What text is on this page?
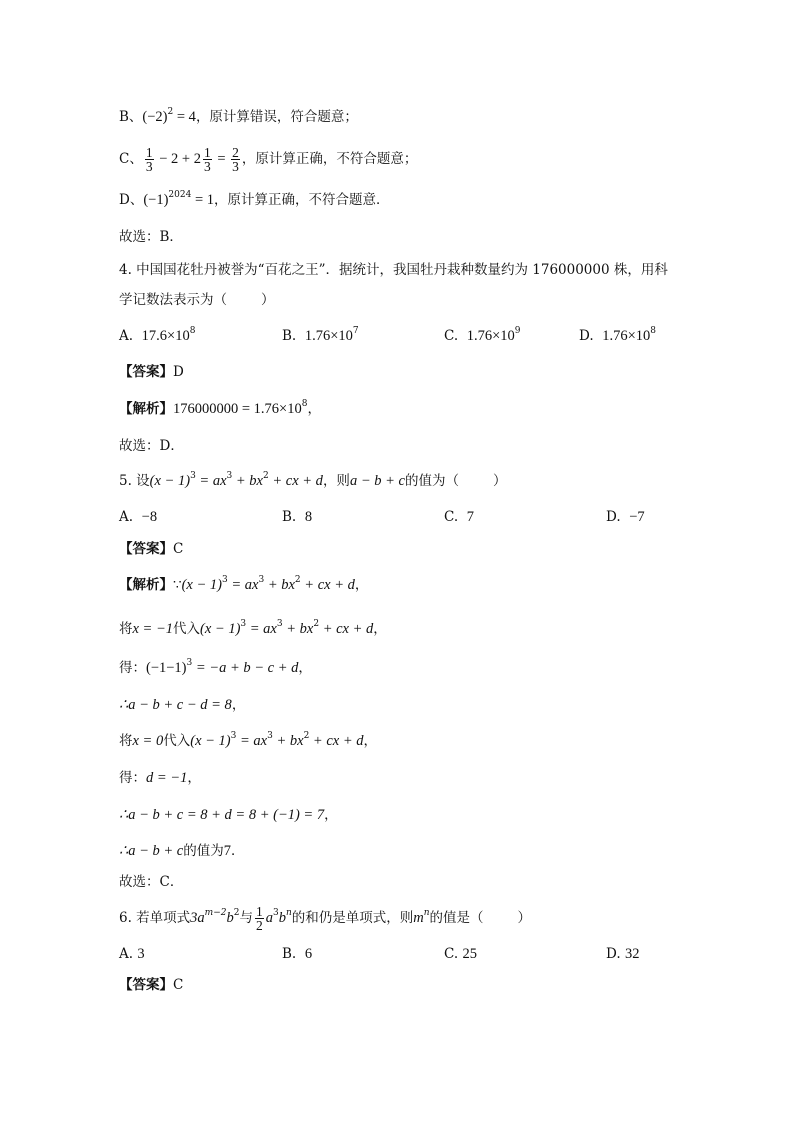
B、$(-2)^2 = 4$，原计算错误，符合题意；
C、 $\frac{1}{3} - 2 + 2 \frac{1}{3} = \frac{2}{3}$ ，原计算正确，不符合题意；
D、$(-1)^{2024} = 1$，原计算正确，不符合题意．
故选：B．
4. 中国国花牡丹被誉为“百花之王”．据统计，我国牡丹栽种数量约为 176000000 株，用科
学记数法表示为（	）
A. $17.6\times 10^8$	B. $1.76\times 10^7$	C. $1.76\times 10^9$	D. $1.76\times 10^8$
【答案】D
【解析】$176000000 = 1.76\times 10^8$，
故选：D．
5. 设$(x - 1)^3 = ax^3 + bx^2$ + cx + d，则a − b + c的值为（	）
A. −8	B. 8	C. 7	D. −7
【答案】C
【解析】∵(x − $1)^3 = ax^3 + bx^2$ + cx + d，
将x = −1代入$(x - 1)^3 = ax^3 + bx^2$ + cx + d，
得：$(-1-1)^3 = -a + b - c + d$，
∴a − b + c − d = 8，
将x = 0代入$(x - 1)^3 = ax^3 + bx^2$ + cx + d，
得：d = −1，
∴a − b + c = 8 + d = 8 + (−1) = 7，
∴a − b + c的值为7．
故选：C．
6. 若单项式$3a^{m-2}b^2$与 $\frac{1}{2} a^3b^n$的和仍是单项式，则$m^n$的值是（	）
A. 3	B. 6	C. 25	D. 32
【答案】C
